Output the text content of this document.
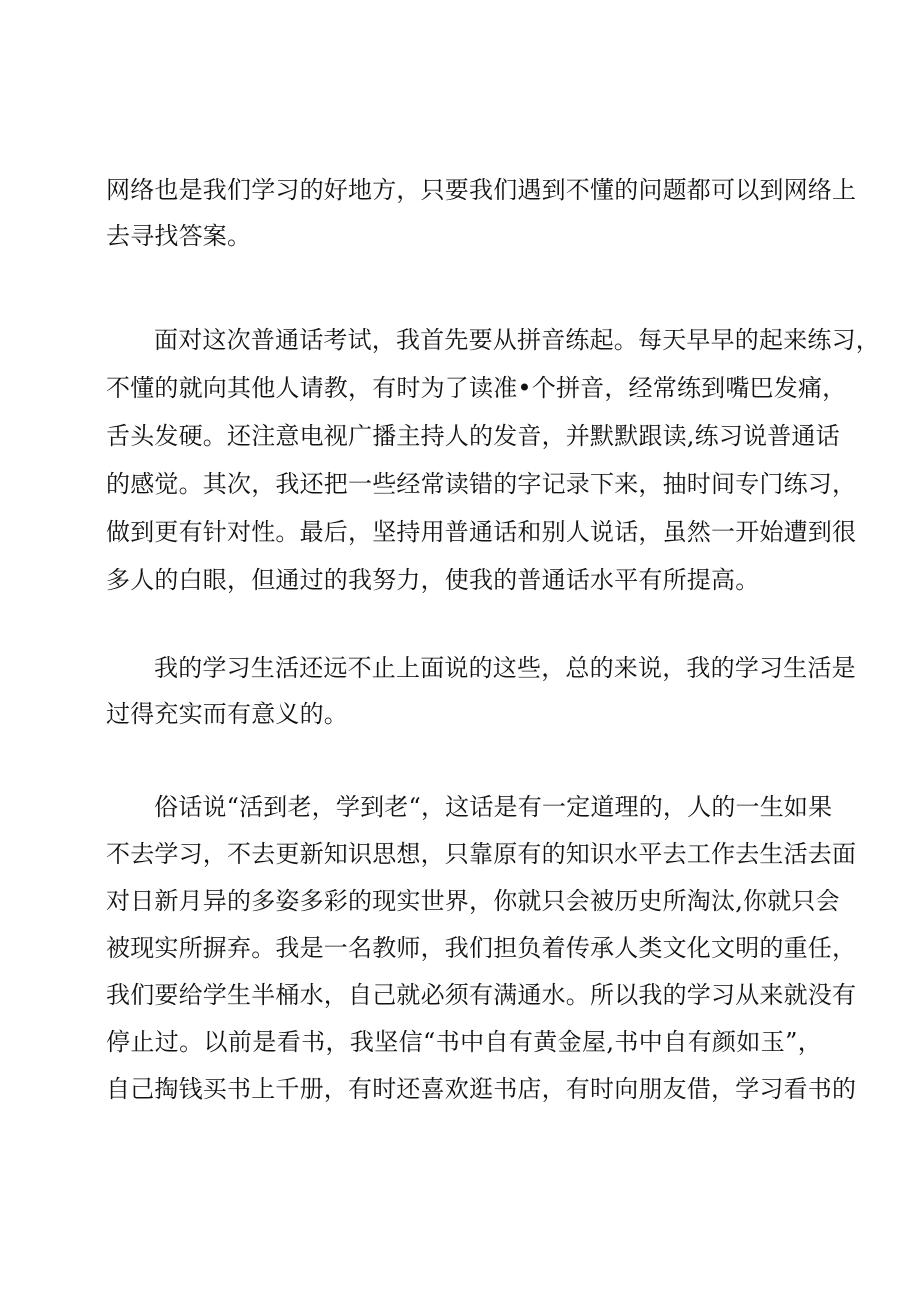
网络也是我们学习的好地方，只要我们遇到不懂的问题都可以到网络上
去寻找答案。
面对这次普通话考试，我首先要从拼音练起。每天早早的起来练习，
不懂的就向其他人请教，有时为了读准•个拼音，经常练到嘴巴发痛，
舌头发硬。还注意电视广播主持人的发音，并默默跟读,练习说普通话
的感觉。其次，我还把一些经常读错的字记录下来，抽时间专门练习，
做到更有针对性。最后，坚持用普通话和别人说话，虽然一开始遭到很
多人的白眼，但通过的我努力，使我的普通话水平有所提高。
我的学习生活还远不止上面说的这些，总的来说，我的学习生活是
过得充实而有意义的。
俗话说“活到老，学到老“，这话是有一定道理的，人的一生如果
不去学习，不去更新知识思想，只靠原有的知识水平去工作去生活去面
对日新月异的多姿多彩的现实世界，你就只会被历史所淘汰,你就只会
被现实所摒弃。我是一名教师，我们担负着传承人类文化文明的重任，
我们要给学生半桶水，自己就必须有满通水。所以我的学习从来就没有
停止过。以前是看书，我坚信“书中自有黄金屋,书中自有颜如玉”，
自己掏钱买书上千册，有时还喜欢逛书店，有时向朋友借，学习看书的
